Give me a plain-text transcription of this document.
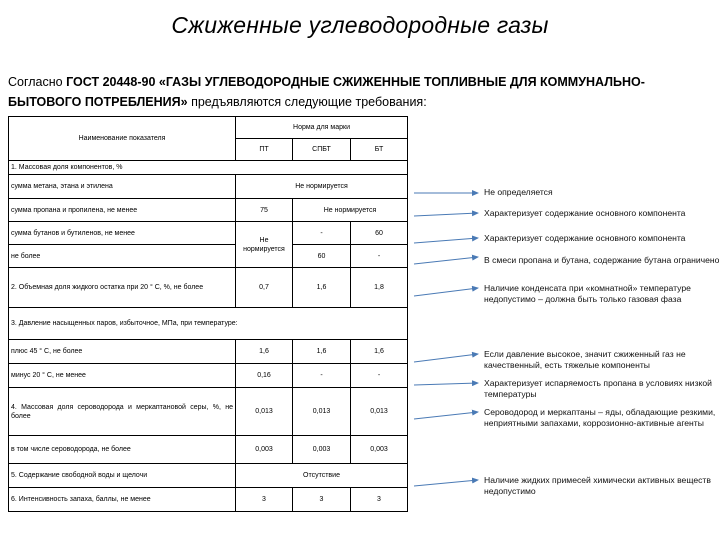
Сжиженные углеводородные газы
Согласно ГОСТ 20448-90 «ГАЗЫ УГЛЕВОДОРОДНЫЕ СЖИЖЕННЫЕ ТОПЛИВНЫЕ ДЛЯ КОММУНАЛЬНО-БЫТОВОГО ПОТРЕБЛЕНИЯ» предъявляются следующие требования:
Наименование показателя	Норма для марки		
	ПТ	СПБТ	БТ
1. Массовая доля компонентов, %			
сумма метана, этана и этилена	Не нормируется		
сумма пропана и пропилена, не менее	75	Не нормируется	
сумма бутанов и бутиленов, не менее	Не нормируется	-	60
не более		60	-
2. Объемная доля жидкого остатка при 20 ° С, %, не более	0,7	1,6	1,8
3. Давление насыщенных паров, избыточное, МПа, при температуре:			
плюс 45 ° С, не более	1,6	1,6	1,6
минус 20 ° С, не менее	0,16	-	-
4. Массовая доля сероводорода и меркаптановой серы, %, не более	0,013	0,013	0,013
в том числе сероводорода, не более	0,003	0,003	0,003
5. Содержание свободной воды и щелочи	Отсутствие		
6. Интенсивность запаха, баллы, не менее	3	3	3
Не определяется
Характеризует содержание основного компонента
Характеризует содержание основного компонента
В смеси пропана и бутана, содержание бутана ограничено
Наличие конденсата при «комнатной» температуре недопустимо – должна быть только газовая фаза
Если давление высокое, значит сжиженный газ не качественный, есть тяжелые компоненты
Характеризует испаряемость пропана в условиях низкой температуры
Сероводород и меркаптаны – яды, обладающие резкими, неприятными запахами, коррозионно-активные агенты
Наличие жидких примесей химически активных веществ недопустимо
